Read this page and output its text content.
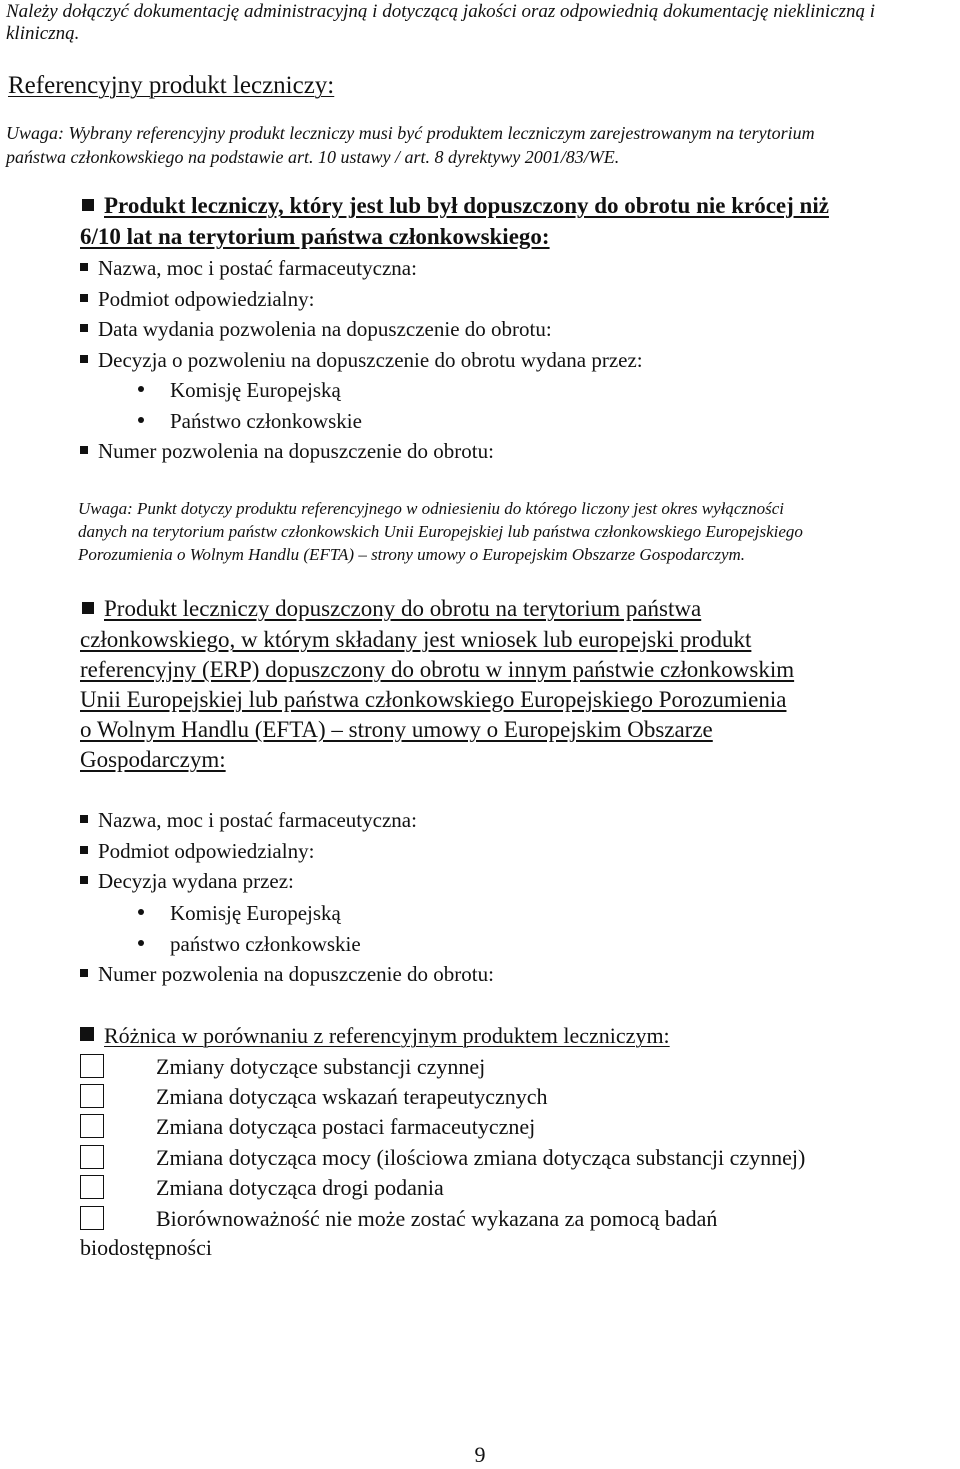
Należy dołączyć dokumentację administracyjną i dotyczącą jakości oraz odpowiednią dokumentację niekliniczną i
kliniczną.
Referencyjny produkt leczniczy:
Uwaga: Wybrany referencyjny produkt leczniczy musi być produktem leczniczym zarejestrowanym na terytorium
państwa członkowskiego na podstawie art. 10 ustawy / art. 8 dyrektywy 2001/83/WE.
Produkt leczniczy, który jest lub był dopuszczony do obrotu nie krócej niż
6/10 lat na terytorium państwa członkowskiego:
Nazwa, moc i postać farmaceutyczna:
Podmiot odpowiedzialny:
Data wydania pozwolenia na dopuszczenie do obrotu:
Decyzja o pozwoleniu na dopuszczenie do obrotu wydana przez:
Komisję Europejską
Państwo członkowskie
Numer pozwolenia na dopuszczenie do obrotu:
Uwaga: Punkt dotyczy produktu referencyjnego w odniesieniu do którego liczony jest okres wyłączności
danych na terytorium państw członkowskich Unii Europejskiej lub państwa członkowskiego Europejskiego
Porozumienia o Wolnym Handlu (EFTA) – strony umowy o Europejskim Obszarze Gospodarczym.
Produkt leczniczy dopuszczony do obrotu na terytorium państwa
członkowskiego, w którym składany jest wniosek lub europejski produkt
referencyjny (ERP) dopuszczony do obrotu w innym państwie członkowskim
Unii Europejskiej lub państwa członkowskiego Europejskiego Porozumienia
o Wolnym Handlu (EFTA) – strony umowy o Europejskim Obszarze
Gospodarczym:
Nazwa, moc i postać farmaceutyczna:
Podmiot odpowiedzialny:
Decyzja wydana przez:
Komisję Europejską
państwo członkowskie
Numer pozwolenia na dopuszczenie do obrotu:
Różnica w porównaniu z referencyjnym produktem leczniczym:
Zmiany dotyczące substancji czynnej
Zmiana dotycząca wskazań terapeutycznych
Zmiana dotycząca postaci farmaceutycznej
Zmiana dotycząca mocy (ilościowa zmiana dotycząca substancji czynnej)
Zmiana dotycząca drogi podania
Biorównoważność nie może zostać wykazana za pomocą badań
biodostępności
9
